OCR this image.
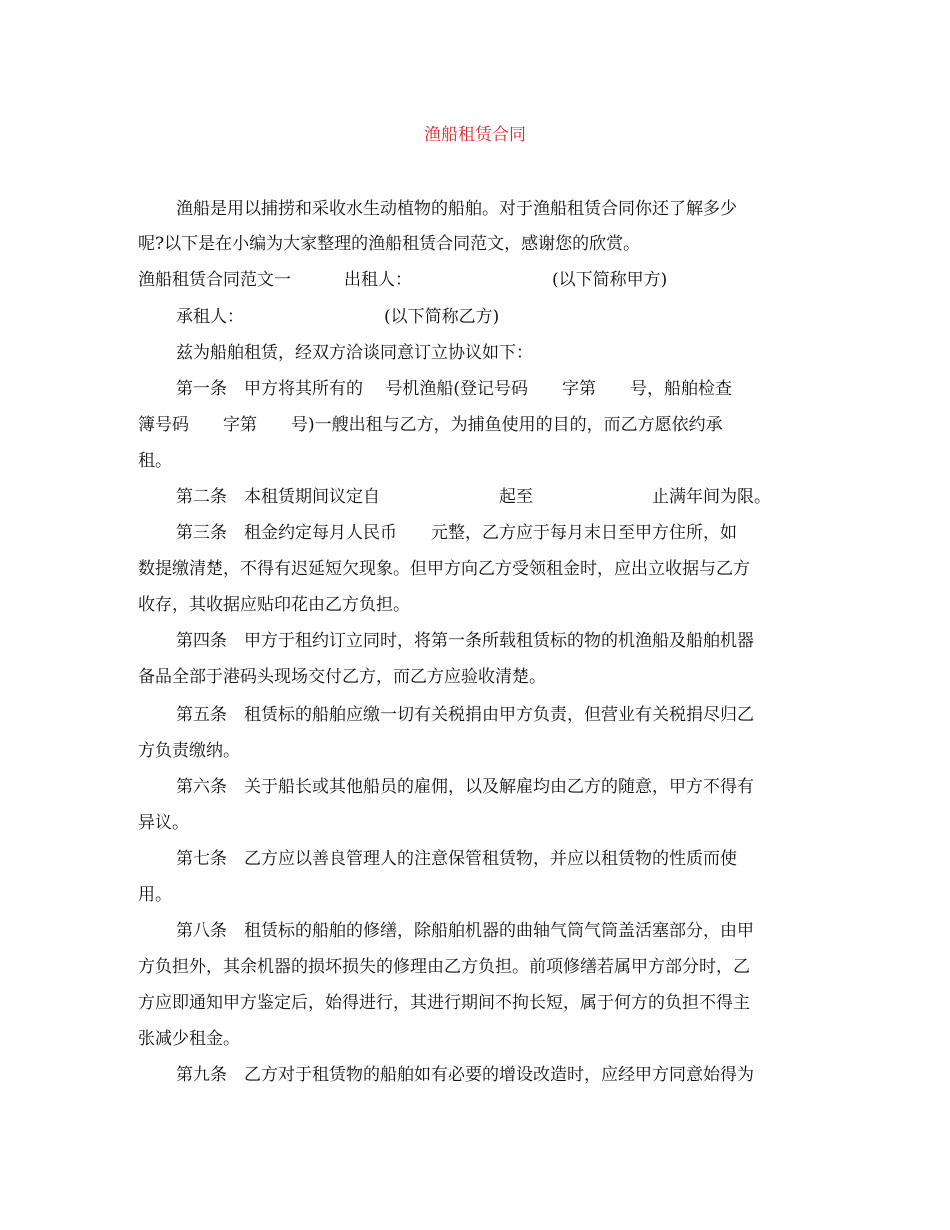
渔船租赁合同
渔船是用以捕捞和采收水生动植物的船舶。对于渔船租赁合同你还了解多少
呢?以下是在小编为大家整理的渔船租赁合同范文，感谢您的欣赏。
渔船租赁合同范文一	出租人：	(以下简称甲方)
承租人：	(以下简称乙方)
兹为船舶租赁，经双方洽谈同意订立协议如下：
第一条　甲方将其所有的　 号机渔船(登记号码　　字第　　号，船舶检查
簿号码　　字第　　号)一艘出租与乙方，为捕鱼使用的目的，而乙方愿依约承
租。
第二条　本租赁期间议定自　　　　　　　起至　　　　　　　止满年间为限。
第三条　租金约定每月人民币　　元整，乙方应于每月末日至甲方住所，如
数提缴清楚，不得有迟延短欠现象。但甲方向乙方受领租金时，应出立收据与乙方
收存，其收据应贴印花由乙方负担。
第四条　甲方于租约订立同时，将第一条所载租赁标的物的机渔船及船舶机器
备品全部于港码头现场交付乙方，而乙方应验收清楚。
第五条　租赁标的船舶应缴一切有关税捐由甲方负责，但营业有关税捐尽归乙
方负责缴纳。
第六条　关于船长或其他船员的雇佣，以及解雇均由乙方的随意，甲方不得有
异议。
第七条　乙方应以善良管理人的注意保管租赁物，并应以租赁物的性质而使
用。
第八条　租赁标的船舶的修缮，除船舶机器的曲轴气筒气筒盖活塞部分，由甲
方负担外，其余机器的损坏损失的修理由乙方负担。前项修缮若属甲方部分时，乙
方应即通知甲方鉴定后，始得进行，其进行期间不拘长短，属于何方的负担不得主
张减少租金。
第九条　乙方对于租赁物的船舶如有必要的增设改造时，应经甲方同意始得为
